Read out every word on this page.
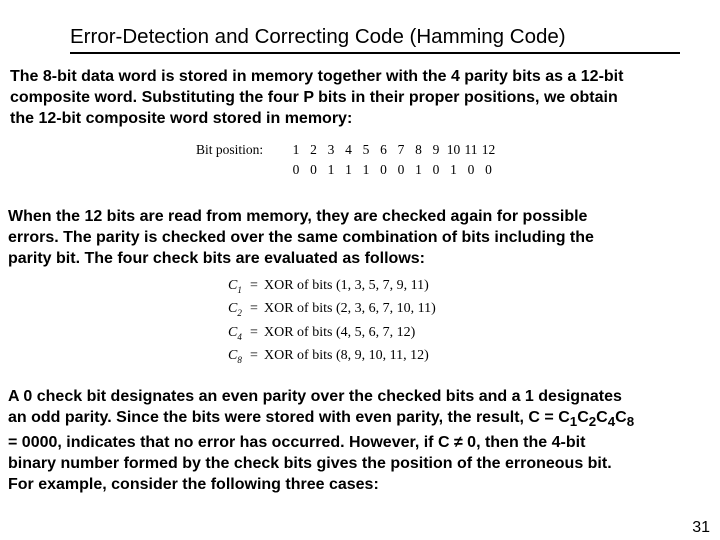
Error-Detection and Correcting Code (Hamming Code)
The 8-bit data word is stored in memory together with the 4 parity bits as a 12-bit
composite word. Substituting the four P bits in their proper positions, we obtain
the 12-bit composite word stored in memory:
Bit position:	1 2 3 4 5 6 7 8 9 10 11 12
0 0 1 1 1 0 0 1 0 1 0 0
When the 12 bits are read from memory, they are checked again for possible
errors. The parity is checked over the same combination of bits including the
parity bit. The four check bits are evaluated as follows:
$C_1$ = XOR of bits (1, 3, 5, 7, 9, 11)
$C_2$ = XOR of bits (2, 3, 6, 7, 10, 11)
$C_4$ = XOR of bits (4, 5, 6, 7, 12)
$C_8$ = XOR of bits (8, 9, 10, 11, 12)
A 0 check bit designates an even parity over the checked bits and a 1 designates
an odd parity. Since the bits were stored with even parity, the result, $C = C_1C_2C_4C_8$
= 0000, indicates that no error has occurred. However, if C ≠ 0, then the 4-bit
binary number formed by the check bits gives the position of the erroneous bit.
For example, consider the following three cases:
31
